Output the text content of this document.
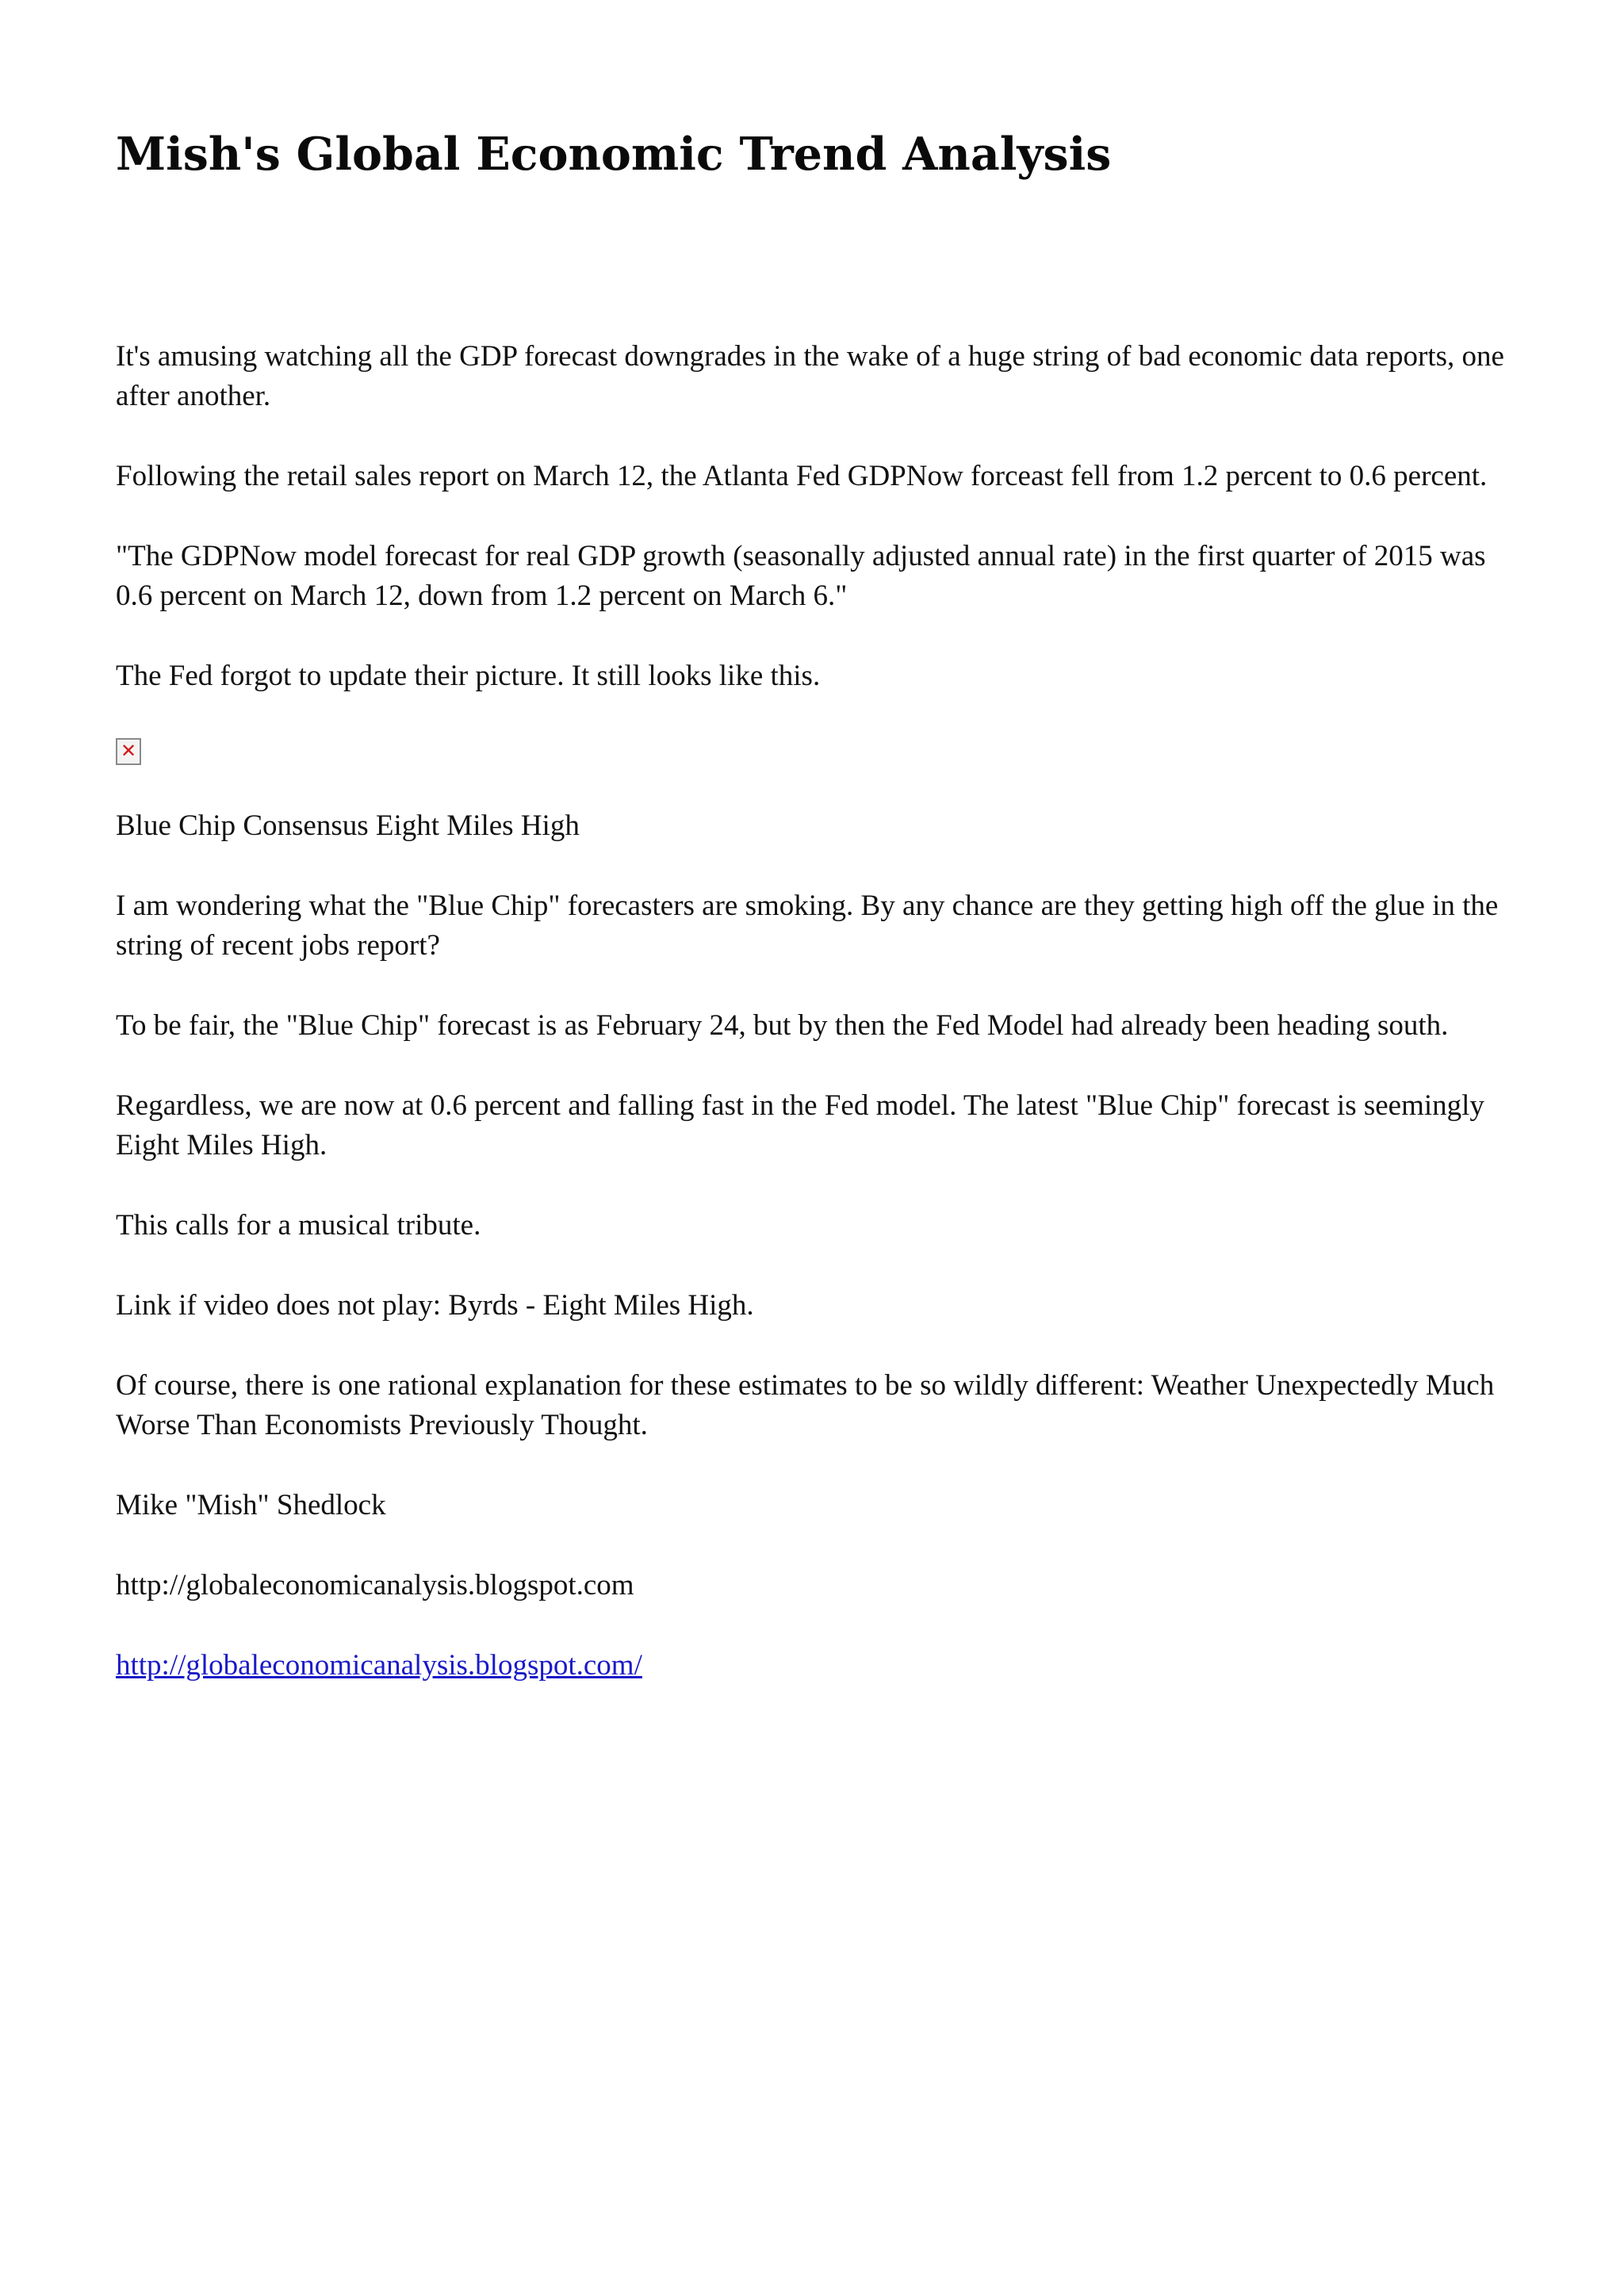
Mish's Global Economic Trend Analysis

It's amusing watching all the GDP forecast downgrades in the wake of a huge string of bad economic data reports, one after another.

Following the retail sales report on March 12, the Atlanta Fed GDPNow forceast fell from 1.2 percent to 0.6 percent.

"The GDPNow model forecast for real GDP growth (seasonally adjusted annual rate) in the first quarter of 2015 was 0.6 percent on March 12, down from 1.2 percent on March 6."

The Fed forgot to update their picture. It still looks like this.

✕

Blue Chip Consensus Eight Miles High

I am wondering what the "Blue Chip" forecasters are smoking. By any chance are they getting high off the glue in the string of recent jobs report?

To be fair, the "Blue Chip" forecast is as February 24, but by then the Fed Model had already been heading south.

Regardless, we are now at 0.6 percent and falling fast in the Fed model. The latest "Blue Chip" forecast is seemingly Eight Miles High.

This calls for a musical tribute.

Link if video does not play: Byrds - Eight Miles High.

Of course, there is one rational explanation for these estimates to be so wildly different: Weather Unexpectedly Much Worse Than Economists Previously Thought.

Mike "Mish" Shedlock

http://globaleconomicanalysis.blogspot.com

http://globaleconomicanalysis.blogspot.com/
